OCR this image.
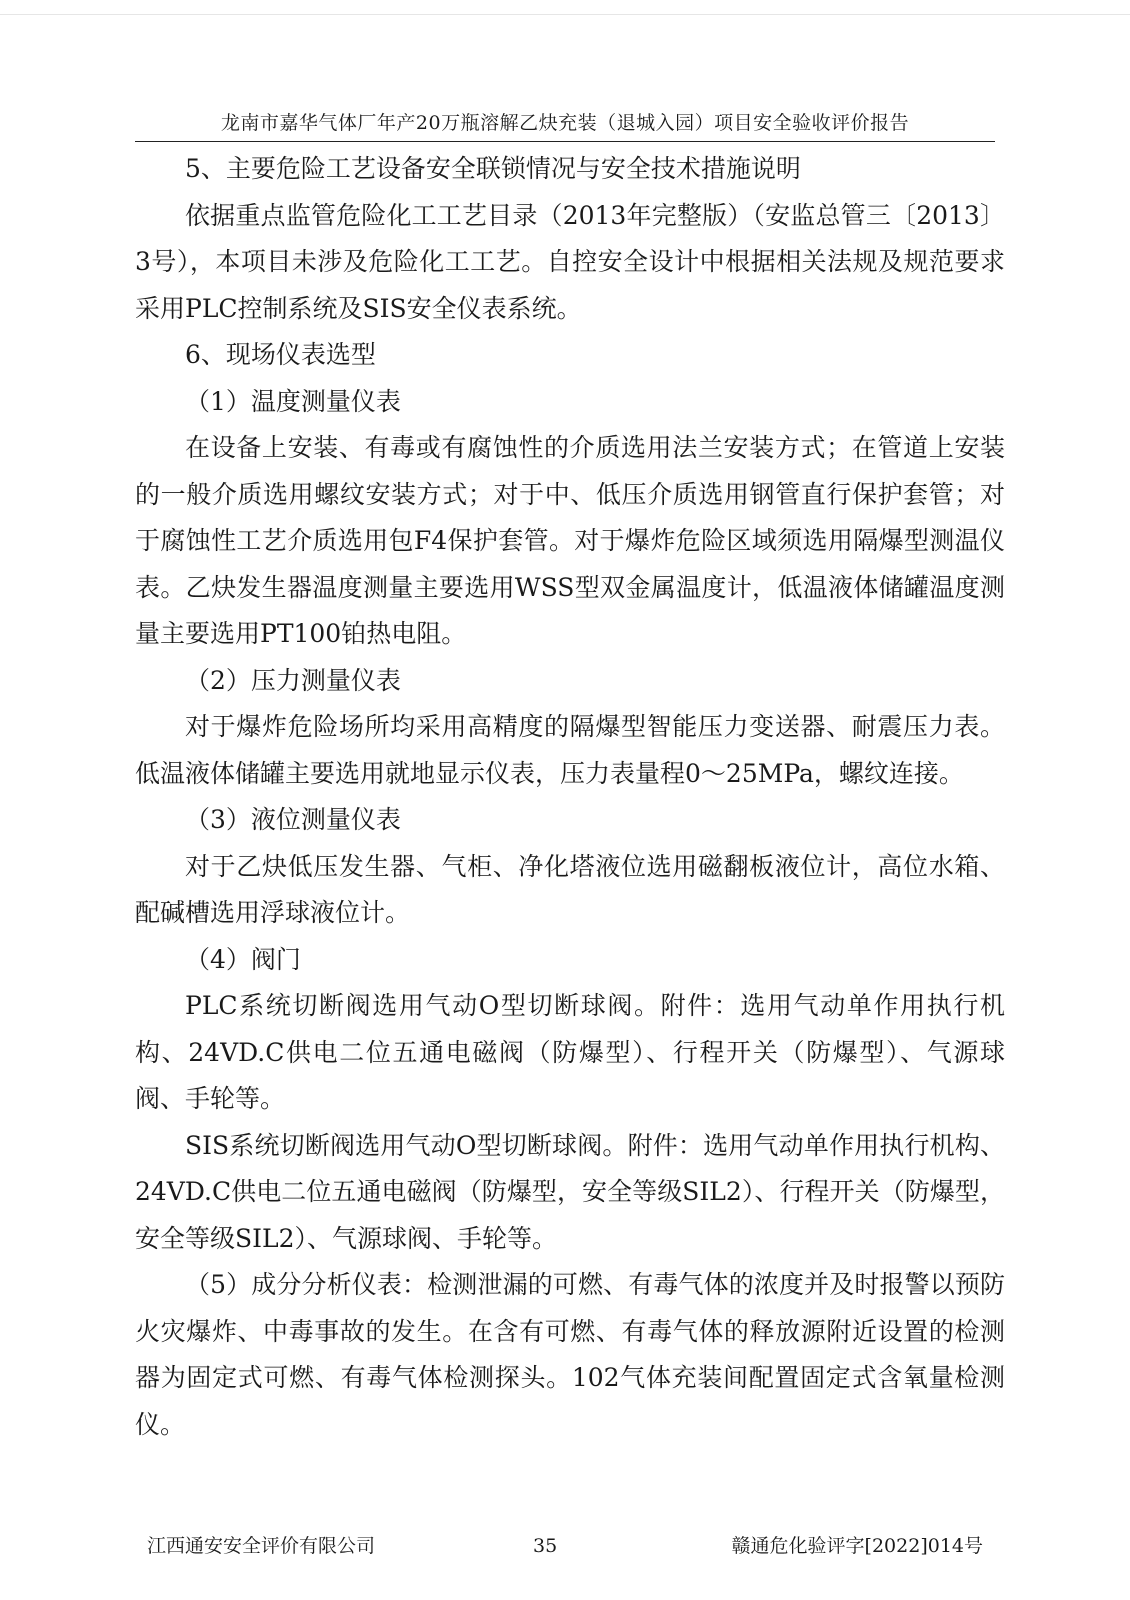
龙南市嘉华气体厂年产20万瓶溶解乙炔充装（退城入园）项目安全验收评价报告

5、主要危险工艺设备安全联锁情况与安全技术措施说明

依据重点监管危险化工工艺目录（2013年完整版）（安监总管三〔2013〕3号），本项目未涉及危险化工工艺。自控安全设计中根据相关法规及规范要求采用PLC控制系统及SIS安全仪表系统。

6、现场仪表选型

（1）温度测量仪表

在设备上安装、有毒或有腐蚀性的介质选用法兰安装方式；在管道上安装的一般介质选用螺纹安装方式；对于中、低压介质选用钢管直行保护套管；对于腐蚀性工艺介质选用包F4保护套管。对于爆炸危险区域须选用隔爆型测温仪表。乙炔发生器温度测量主要选用WSS型双金属温度计，低温液体储罐温度测量主要选用PT100铂热电阻。

（2）压力测量仪表

对于爆炸危险场所均采用高精度的隔爆型智能压力变送器、耐震压力表。低温液体储罐主要选用就地显示仪表，压力表量程0～25MPa，螺纹连接。

（3）液位测量仪表

对于乙炔低压发生器、气柜、净化塔液位选用磁翻板液位计，高位水箱、配碱槽选用浮球液位计。

（4）阀门

PLC系统切断阀选用气动O型切断球阀。附件：选用气动单作用执行机构、24VD.C供电二位五通电磁阀（防爆型）、行程开关（防爆型）、气源球阀、手轮等。

SIS系统切断阀选用气动O型切断球阀。附件：选用气动单作用执行机构、24VD.C供电二位五通电磁阀（防爆型，安全等级SIL2）、行程开关（防爆型，安全等级SIL2）、气源球阀、手轮等。

（5）成分分析仪表：检测泄漏的可燃、有毒气体的浓度并及时报警以预防火灾爆炸、中毒事故的发生。在含有可燃、有毒气体的释放源附近设置的检测器为固定式可燃、有毒气体检测探头。102气体充装间配置固定式含氧量检测仪。

江西通安安全评价有限公司	35	赣通危化验评字[2022]014号
